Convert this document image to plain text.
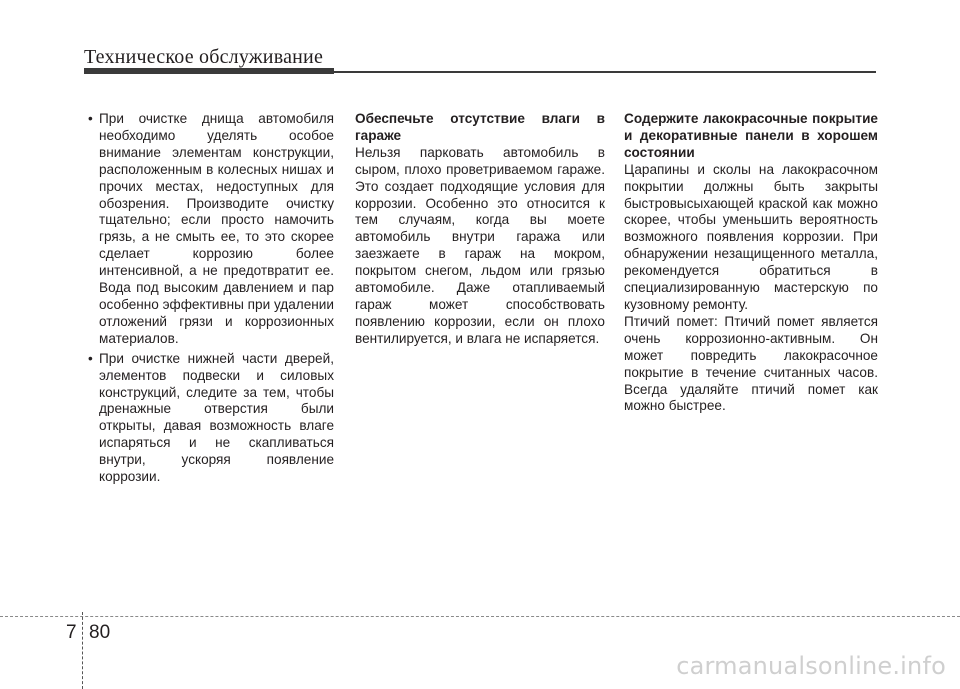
Техническое обслуживание
• При очистке днища автомобиля необходимо уделять особое внимание элементам конструкции, расположенным в колесных нишах и прочих местах, недоступных для обозрения. Производите очистку тщательно; если просто намочить грязь, а не смыть ее, то это скорее сделает коррозию более интенсивной, а не предотвратит ее. Вода под высоким давлением и пар особенно эффективны при удалении отложений грязи и коррозионных материалов.
• При очистке нижней части дверей, элементов подвески и силовых конструкций, следите за тем, чтобы дренажные отверстия были открыты, давая возможность влаге испаряться и не скапливаться внутри, ускоряя появление коррозии.

Обеспечьте отсутствие влаги в гараже

Нельзя парковать автомобиль в сыром, плохо проветриваемом гараже. Это создает подходящие условия для коррозии. Особенно это относится к тем случаям, когда вы моете автомобиль внутри гаража или заезжаете в гараж на мокром, покрытом снегом, льдом или грязью автомобиле. Даже отапливаемый гараж может способствовать появлению коррозии, если он плохо вентилируется, и влага не испаряется.

Содержите лакокрасочные покрытие и декоративные панели в хорошем состоянии

Царапины и сколы на лакокрасочном покрытии должны быть закрыты быстровысыхающей краской как можно скорее, чтобы уменьшить вероятность возможного появления коррозии. При обнаружении незащищенного металла, рекомендуется обратиться в специализированную мастерскую по кузовному ремонту.

Птичий помет: Птичий помет является очень коррозионно-активным. Он может повредить лакокрасочное покрытие в течение считанных часов. Всегда удаляйте птичий помет как можно быстрее.

7 80
carmanualsonline.info
